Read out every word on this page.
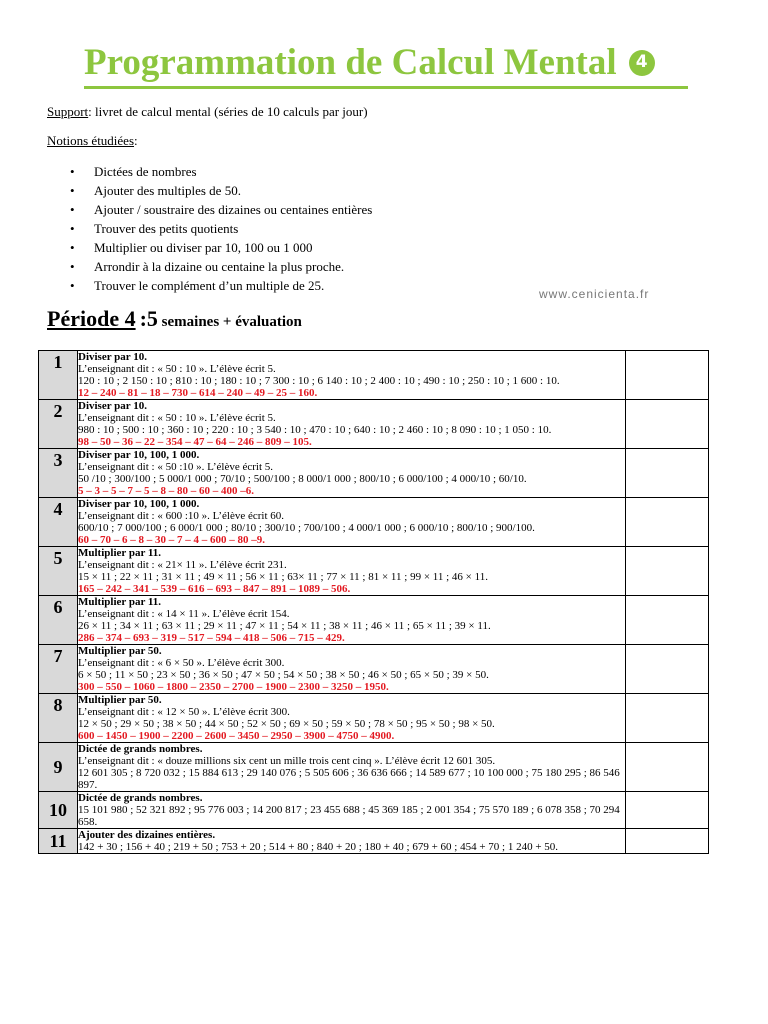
Programmation de Calcul Mental	4
Support: livret de calcul mental (séries de 10 calculs par jour)
Notions étudiées:
• Dictées de nombres
• Ajouter des multiples de 50.
• Ajouter / soustraire des dizaines ou centaines entières
• Trouver des petits quotients
• Multiplier ou diviser par 10, 100 ou 1 000
• Arrondir à la dizaine ou centaine la plus proche.
• Trouver le complément d’un multiple de 25.
www.cenicienta.fr
Période 4 :5 semaines + évaluation
1	Diviser par 10.
L’enseignant dit : « 50 : 10 ». L’élève écrit 5.
120 : 10 ; 2 150 : 10 ; 810 : 10 ; 180 : 10 ; 7 300 : 10 ; 6 140 : 10 ; 2 400 : 10 ; 490 : 10 ; 250 : 10 ; 1 600 : 10.
12 – 240 – 81 – 18 – 730 – 614 – 240 – 49 – 25 – 160.	

2	Diviser par 10.
L’enseignant dit : « 50 : 10 ». L’élève écrit 5.
980 : 10 ; 500 : 10 ; 360 : 10 ; 220 : 10 ; 3 540 : 10 ; 470 : 10 ; 640 : 10 ; 2 460 : 10 ; 8 090 : 10 ; 1 050 : 10.
98 – 50 – 36 – 22 – 354 – 47 – 64 – 246 – 809 – 105.	

3	Diviser par 10, 100, 1 000.
L’enseignant dit : « 50 :10 ». L’élève écrit 5.
50 /10 ; 300/100 ; 5 000/1 000 ; 70/10 ; 500/100 ; 8 000/1 000 ; 800/10 ; 6 000/100 ; 4 000/10 ; 60/10.
5 – 3 – 5 – 7 – 5 – 8 – 80 – 60 – 400 –6.	

4	Diviser par 10, 100, 1 000.
L’enseignant dit : « 600 :10 ». L’élève écrit 60.
600/10 ; 7 000/100 ; 6 000/1 000 ; 80/10 ; 300/10 ; 700/100 ; 4 000/1 000 ; 6 000/10 ; 800/10 ; 900/100.
60 – 70 – 6 – 8 – 30 – 7 – 4 – 600 – 80 –9.	

5	Multiplier par 11.
L’enseignant dit : « 21× 11 ». L’élève écrit 231.
15 × 11 ; 22 × 11 ; 31 × 11 ; 49 × 11 ; 56 × 11 ; 63× 11 ; 77 × 11 ; 81 × 11 ; 99 × 11 ; 46 × 11.
165 – 242 – 341 – 539 – 616 – 693 – 847 – 891 – 1089 – 506.	

6	Multiplier par 11.
L’enseignant dit : « 14 × 11 ». L’élève écrit 154.
26 × 11 ; 34 × 11 ; 63 × 11 ; 29 × 11 ; 47 × 11 ; 54 × 11 ; 38 × 11 ; 46 × 11 ; 65 × 11 ; 39 × 11.
286 – 374 – 693 – 319 – 517 – 594 – 418 – 506 – 715 – 429.	

7	Multiplier par 50.
L’enseignant dit : « 6 × 50 ». L’élève écrit 300.
6 × 50 ; 11 × 50 ; 23 × 50 ; 36 × 50 ; 47 × 50 ; 54 × 50 ; 38 × 50 ; 46 × 50 ; 65 × 50 ; 39 × 50.
300 – 550 – 1060 – 1800 – 2350 – 2700 – 1900 – 2300 – 3250 – 1950.	

8	Multiplier par 50.
L’enseignant dit : « 12 × 50 ». L’élève écrit 300.
12 × 50 ; 29 × 50 ; 38 × 50 ; 44 × 50 ; 52 × 50 ; 69 × 50 ; 59 × 50 ; 78 × 50 ; 95 × 50 ; 98 × 50.
600 – 1450 – 1900 – 2200 – 2600 – 3450 – 2950 – 3900 – 4750 – 4900.	

9	Dictée de grands nombres.
L’enseignant dit : « douze millions six cent un mille trois cent cinq ». L’élève écrit 12 601 305.
12 601 305 ; 8 720 032 ; 15 884 613 ; 29 140 076 ; 5 505 606 ; 36 636 666 ; 14 589 677 ; 10 100 000 ; 75 180 295 ; 86 546 897.	

10	Dictée de grands nombres.
15 101 980 ; 52 321 892 ; 95 776 003 ; 14 200 817 ; 23 455 688 ; 45 369 185 ; 2 001 354 ; 75 570 189 ; 6 078 358 ; 70 294 658.	

11	Ajouter des dizaines entières.
142 + 30 ; 156 + 40 ; 219 + 50 ; 753 + 20 ; 514 + 80 ; 840 + 20 ; 180 + 40 ; 679 + 60 ; 454 + 70 ; 1 240 + 50.	
